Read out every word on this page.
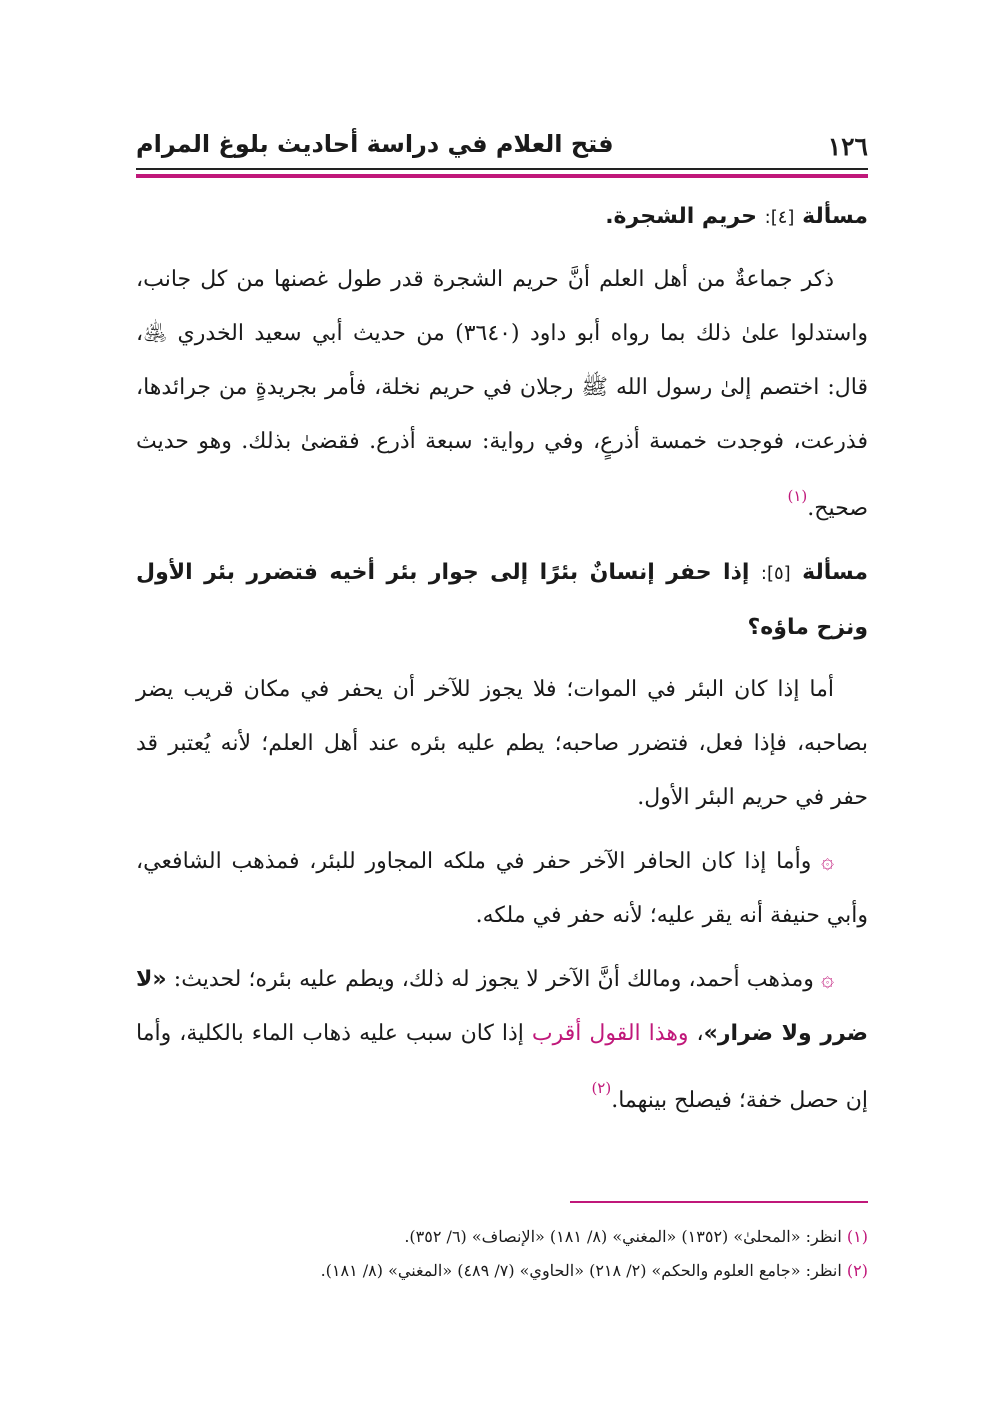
١٢٦
فتح العلام في دراسة أحاديث بلوغ المرام
مسألة [٤]: حريم الشجرة.

ذكر جماعةٌ من أهل العلم أنَّ حريم الشجرة قدر طول غصنها من كل جانب، واستدلوا علىٰ ذلك بما رواه أبو داود (٣٦٤٠) من حديث أبي سعيد الخدري ﵁، قال: اختصم إلىٰ رسول الله ﷺ رجلان في حريم نخلة، فأمر بجريدةٍ من جرائدها، فذرعت، فوجدت خمسة أذرعٍ، وفي رواية: سبعة أذرع. فقضىٰ بذلك. وهو حديث صحيح.$^{(١)}$

مسألة [٥]: إذا حفر إنسانٌ بئرًا إلى جوار بئر أخيه فتضرر بئر الأول ونزح ماؤه؟

أما إذا كان البئر في الموات؛ فلا يجوز للآخر أن يحفر في مكان قريب يضر بصاحبه، فإذا فعل، فتضرر صاحبه؛ يطم عليه بئره عند أهل العلم؛ لأنه يُعتبر قد حفر في حريم البئر الأول.

۞ وأما إذا كان الحافر الآخر حفر في ملكه المجاور للبئر، فمذهب الشافعي، وأبي حنيفة أنه يقر عليه؛ لأنه حفر في ملكه.

۞ ومذهب أحمد، ومالك أنَّ الآخر لا يجوز له ذلك، ويطم عليه بئره؛ لحديث: «لا ضرر ولا ضرار»، وهذا القول أقرب إذا كان سبب عليه ذهاب الماء بالكلية، وأما إن حصل خفة؛ فيصلح بينهما.$^{(٢)}$

(١) انظر: «المحلىٰ» (١٣٥٢) «المغني» (٨/ ١٨١) «الإنصاف» (٦/ ٣٥٢).
(٢) انظر: «جامع العلوم والحكم» (٢/ ٢١٨) «الحاوي» (٧/ ٤٨٩) «المغني» (٨/ ١٨١).
